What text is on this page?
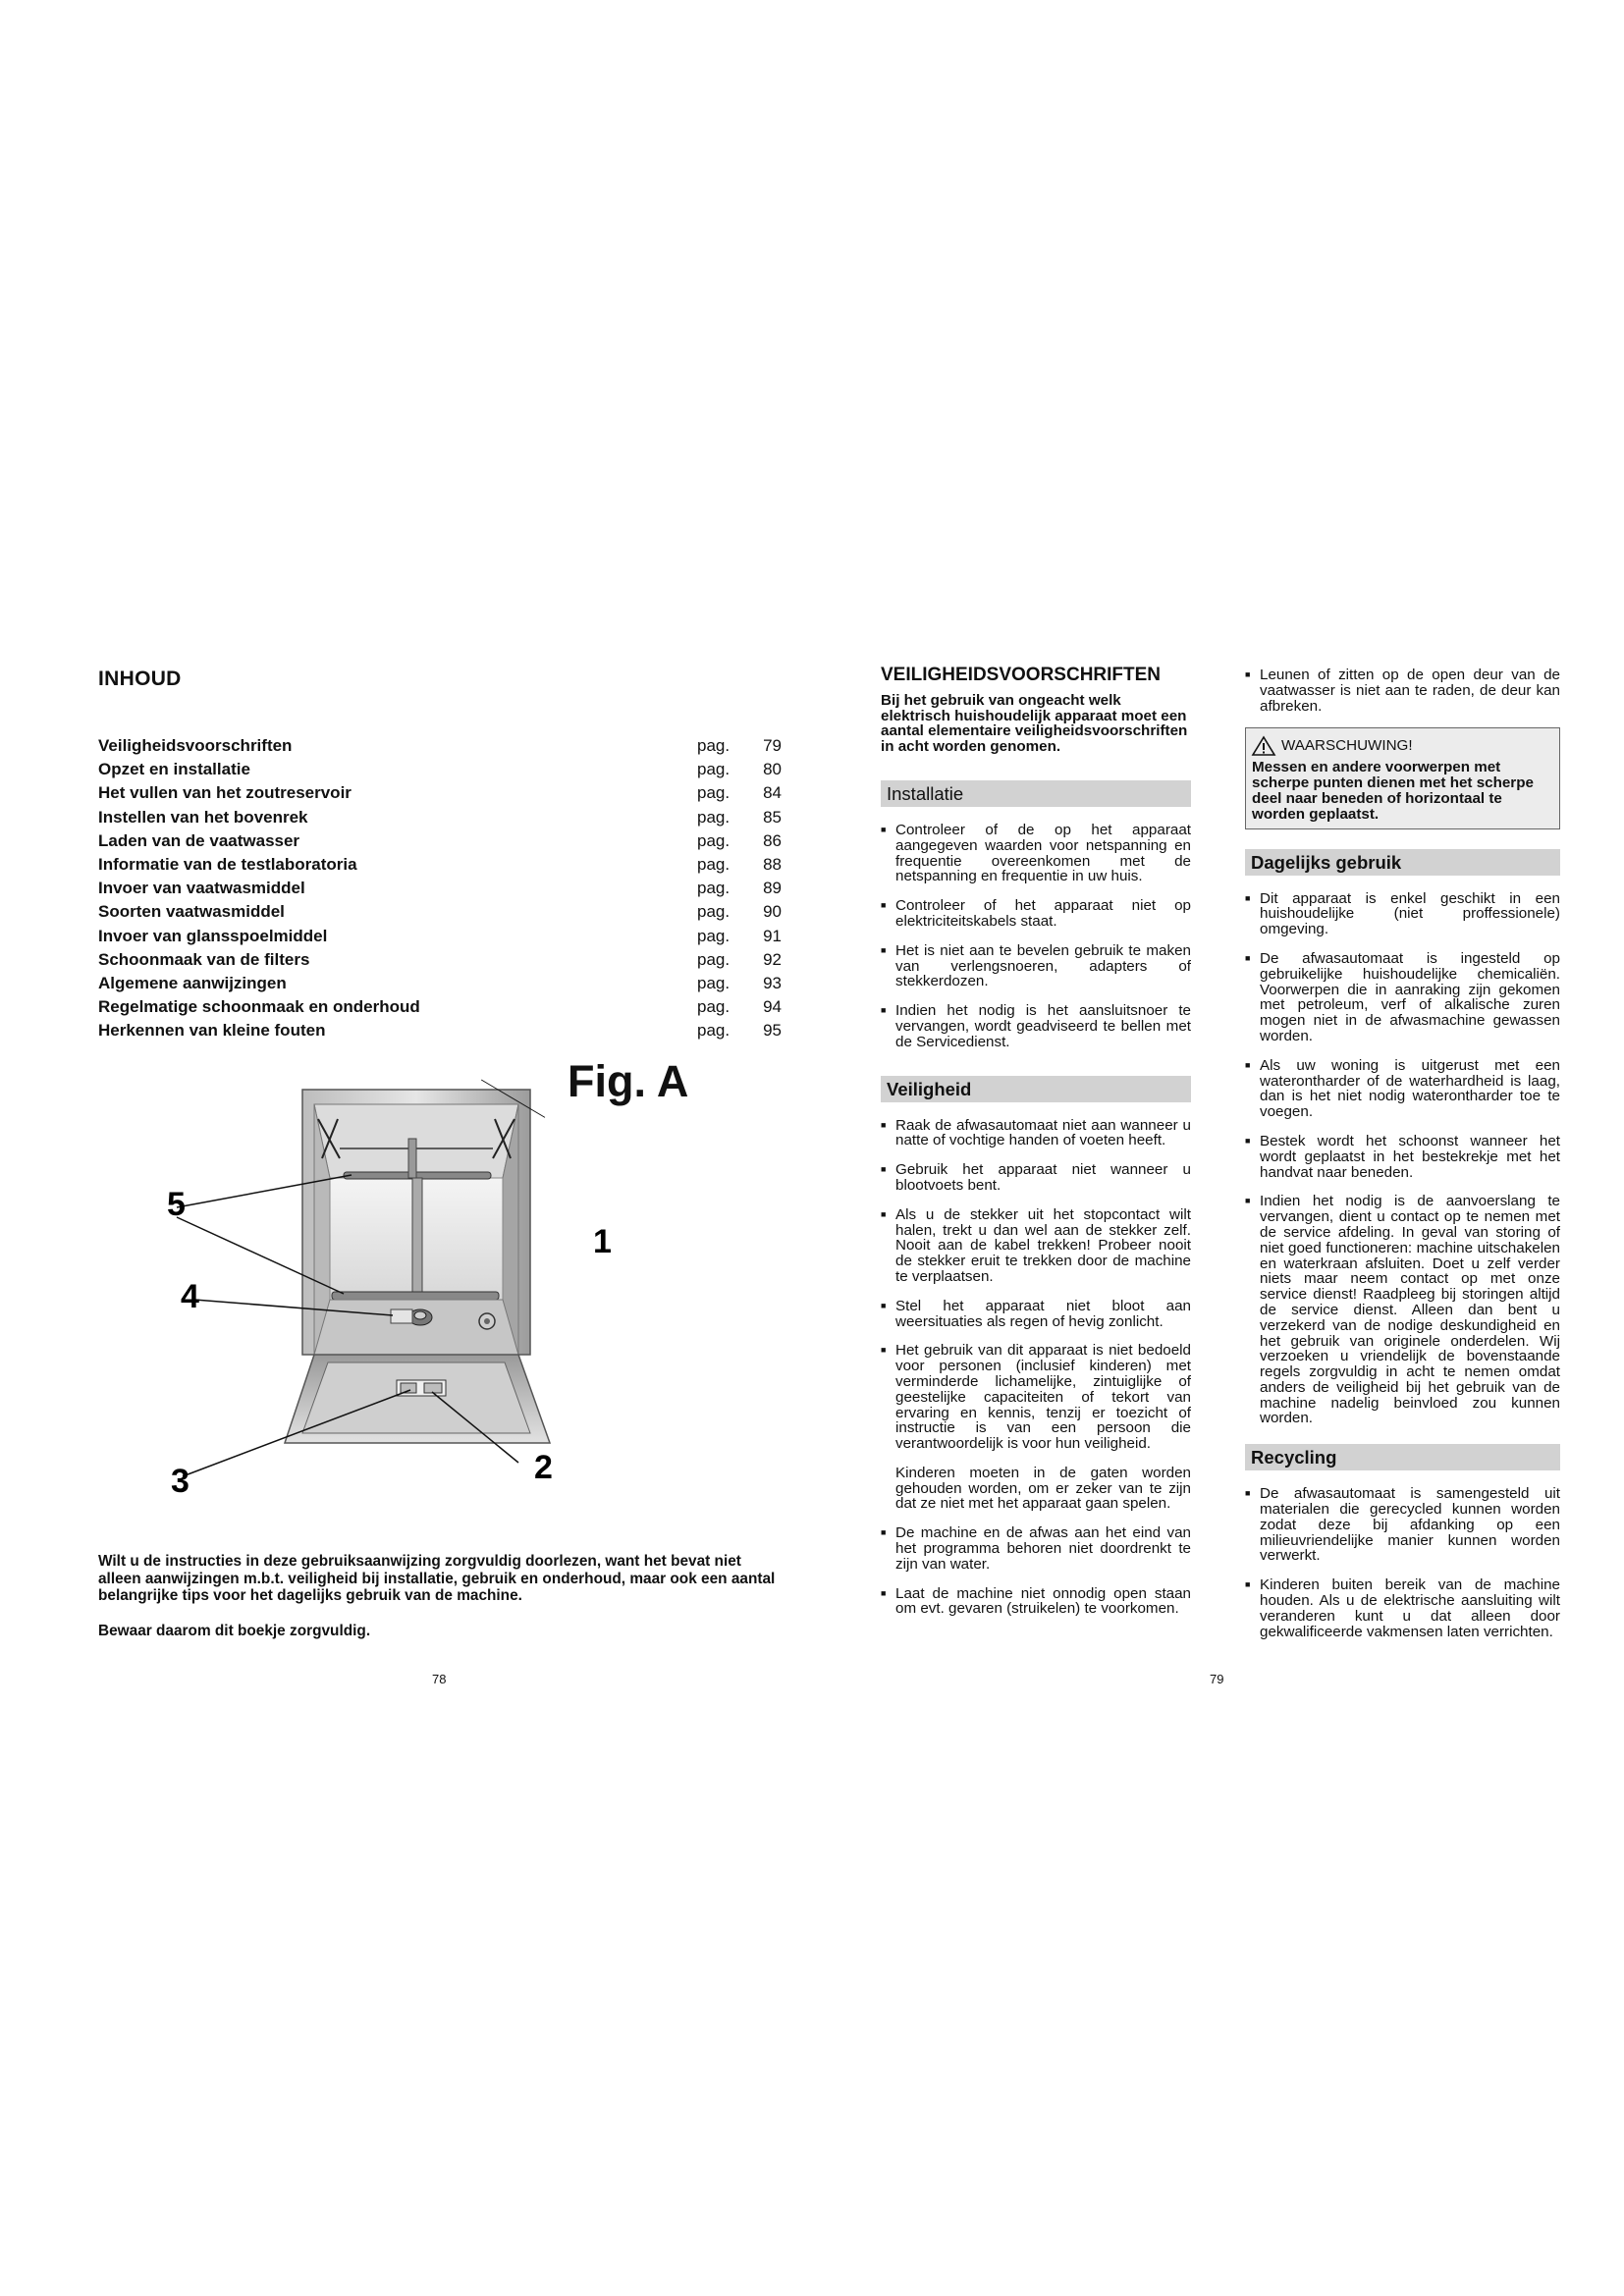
INHOUD
Veiligheidsvoorschriften	pag.	79
Opzet en installatie	pag.	80
Het vullen van het zoutreservoir	pag.	84
Instellen van het bovenrek	pag.	85
Laden van de vaatwasser	pag.	86
Informatie van de testlaboratoria	pag.	88
Invoer van vaatwasmiddel	pag.	89
Soorten vaatwasmiddel	pag.	90
Invoer van glansspoelmiddel	pag.	91
Schoonmaak van de filters	pag.	92
Algemene aanwijzingen	pag.	93
Regelmatige schoonmaak en onderhoud	pag.	94
Herkennen van kleine fouten	pag.	95
Fig. A
5
4
3	2
1
Wilt u de instructies in deze gebruiksaanwijzing zorgvuldig doorlezen, want het bevat niet alleen aanwijzingen m.b.t. veiligheid bij installatie, gebruik en onderhoud, maar ook een aantal belangrijke tips voor het dagelijks gebruik van de machine.
Bewaar daarom dit boekje zorgvuldig.
78
VEILIGHEIDSVOORSCHRIFTEN
Bij het gebruik van ongeacht welk elektrisch huishoudelijk apparaat moet een aantal elementaire veiligheidsvoorschriften in acht worden genomen.
Installatie
■ Controleer of de op het apparaat aangegeven waarden voor netspanning en frequentie overeenkomen met de netspanning en frequentie in uw huis.
■ Controleer of het apparaat niet op elektriciteitskabels staat.
■ Het is niet aan te bevelen gebruik te maken van verlengsnoeren, adapters of stekkerdozen.
■ Indien het nodig is het aansluitsnoer te vervangen, wordt geadviseerd te bellen met de Servicedienst.
Veiligheid
■ Raak de afwasautomaat niet aan wanneer u natte of vochtige handen of voeten heeft.
■ Gebruik het apparaat niet wanneer u blootvoets bent.
■ Als u de stekker uit het stopcontact wilt halen, trekt u dan wel aan de stekker zelf. Nooit aan de kabel trekken! Probeer nooit de stekker eruit te trekken door de machine te verplaatsen.
■ Stel het apparaat niet bloot aan weersituaties als regen of hevig zonlicht.
■ Het gebruik van dit apparaat is niet bedoeld voor personen (inclusief kinderen) met verminderde lichamelijke, zintuiglijke of geestelijke capaciteiten of tekort van ervaring en kennis, tenzij er toezicht of instructie is van een persoon die verantwoordelijk is voor hun veiligheid.
Kinderen moeten in de gaten worden gehouden worden, om er zeker van te zijn dat ze niet met het apparaat gaan spelen.
■ De machine en de afwas aan het eind van het programma behoren niet doordrenkt te zijn van water.
■ Laat de machine niet onnodig open staan om evt. gevaren (struikelen) te voorkomen.
■ Leunen of zitten op de open deur van de vaatwasser is niet aan te raden, de deur kan afbreken.
WAARSCHUWING!
Messen en andere voorwerpen met scherpe punten dienen met het scherpe deel naar beneden of horizontaal te worden geplaatst.
Dagelijks gebruik
■ Dit apparaat is enkel geschikt in een huishoudelijke (niet proffessionele) omgeving.
■ De afwasautomaat is ingesteld op gebruikelijke huishoudelijke chemicaliën. Voorwerpen die in aanraking zijn gekomen met petroleum, verf of alkalische zuren mogen niet in de afwasmachine gewassen worden.
■ Als uw woning is uitgerust met een waterontharder of de waterhardheid is laag, dan is het niet nodig waterontharder toe te voegen.
■ Bestek wordt het schoonst wanneer het wordt geplaatst in het bestekrekje met het handvat naar beneden.
■ Indien het nodig is de aanvoerslang te vervangen, dient u contact op te nemen met de service afdeling. In geval van storing of niet goed functioneren: machine uitschakelen en waterkraan afsluiten. Doet u zelf verder niets maar neem contact op met onze service dienst! Raadpleeg bij storingen altijd de service dienst. Alleen dan bent u verzekerd van de nodige deskundigheid en het gebruik van originele onderdelen. Wij verzoeken u vriendelijk de bovenstaande regels zorgvuldig in acht te nemen omdat anders de veiligheid bij het gebruik van de machine nadelig beinvloed zou kunnen worden.
Recycling
■ De afwasautomaat is samengesteld uit materialen die gerecycled kunnen worden zodat deze bij afdanking op een milieuvriendelijke manier kunnen worden verwerkt.
■ Kinderen buiten bereik van de machine houden. Als u de elektrische aansluiting wilt veranderen kunt u dat alleen door gekwalificeerde vakmensen laten verrichten.
79
